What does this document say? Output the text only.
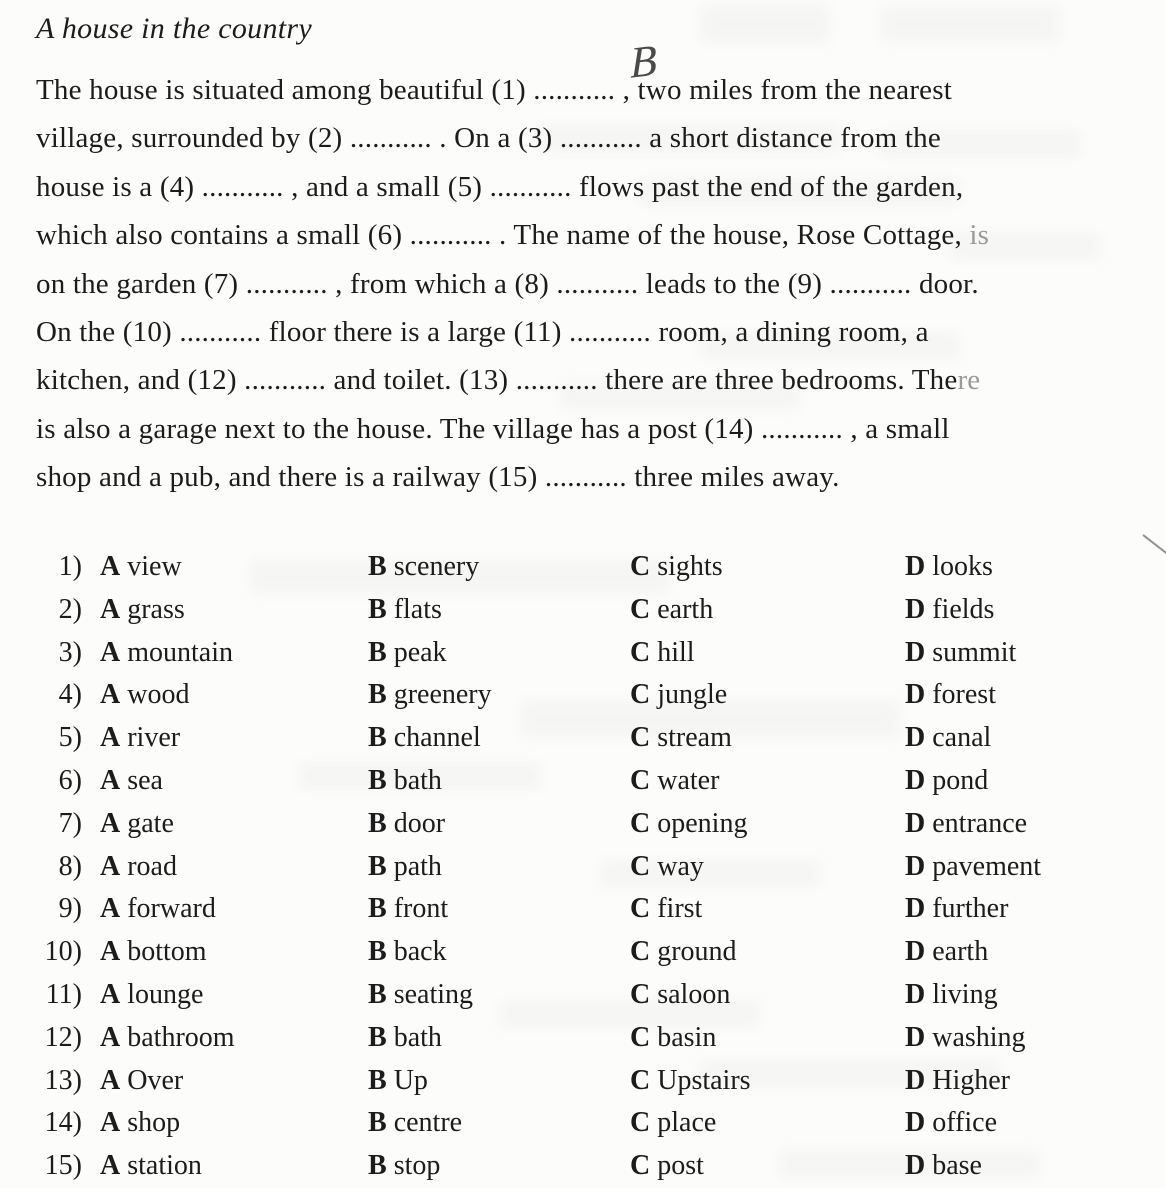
A house in the country
B
The house is situated among beautiful (1) ........... , two miles from the nearest
village, surrounded by (2) ........... . On a (3) ........... a short distance from the
house is a (4) ........... , and a small (5) ........... flows past the end of the garden,
which also contains a small (6) ........... . The name of the house, Rose Cottage, is
on the garden (7) ........... , from which a (8) ........... leads to the (9) ........... door.
On the (10) ........... floor there is a large (11) ........... room, a dining room, a
kitchen, and (12) ........... and toilet. (13) ........... there are three bedrooms. There
is also a garage next to the house. The village has a post (14) ........... , a small
shop and a pub, and there is a railway (15) ........... three miles away.
1) A view	B scenery	C sights	D looks
2) A grass	B flats	C earth	D fields
3) A mountain	B peak	C hill	D summit
4) A wood	B greenery	C jungle	D forest
5) A river	B channel	C stream	D canal
6) A sea	B bath	C water	D pond
7) A gate	B door	C opening	D entrance
8) A road	B path	C way	D pavement
9) A forward	B front	C first	D further
10) A bottom	B back	C ground	D earth
11) A lounge	B seating	C saloon	D living
12) A bathroom	B bath	C basin	D washing
13) A Over	B Up	C Upstairs	D Higher
14) A shop	B centre	C place	D office
15) A station	B stop	C post	D base
